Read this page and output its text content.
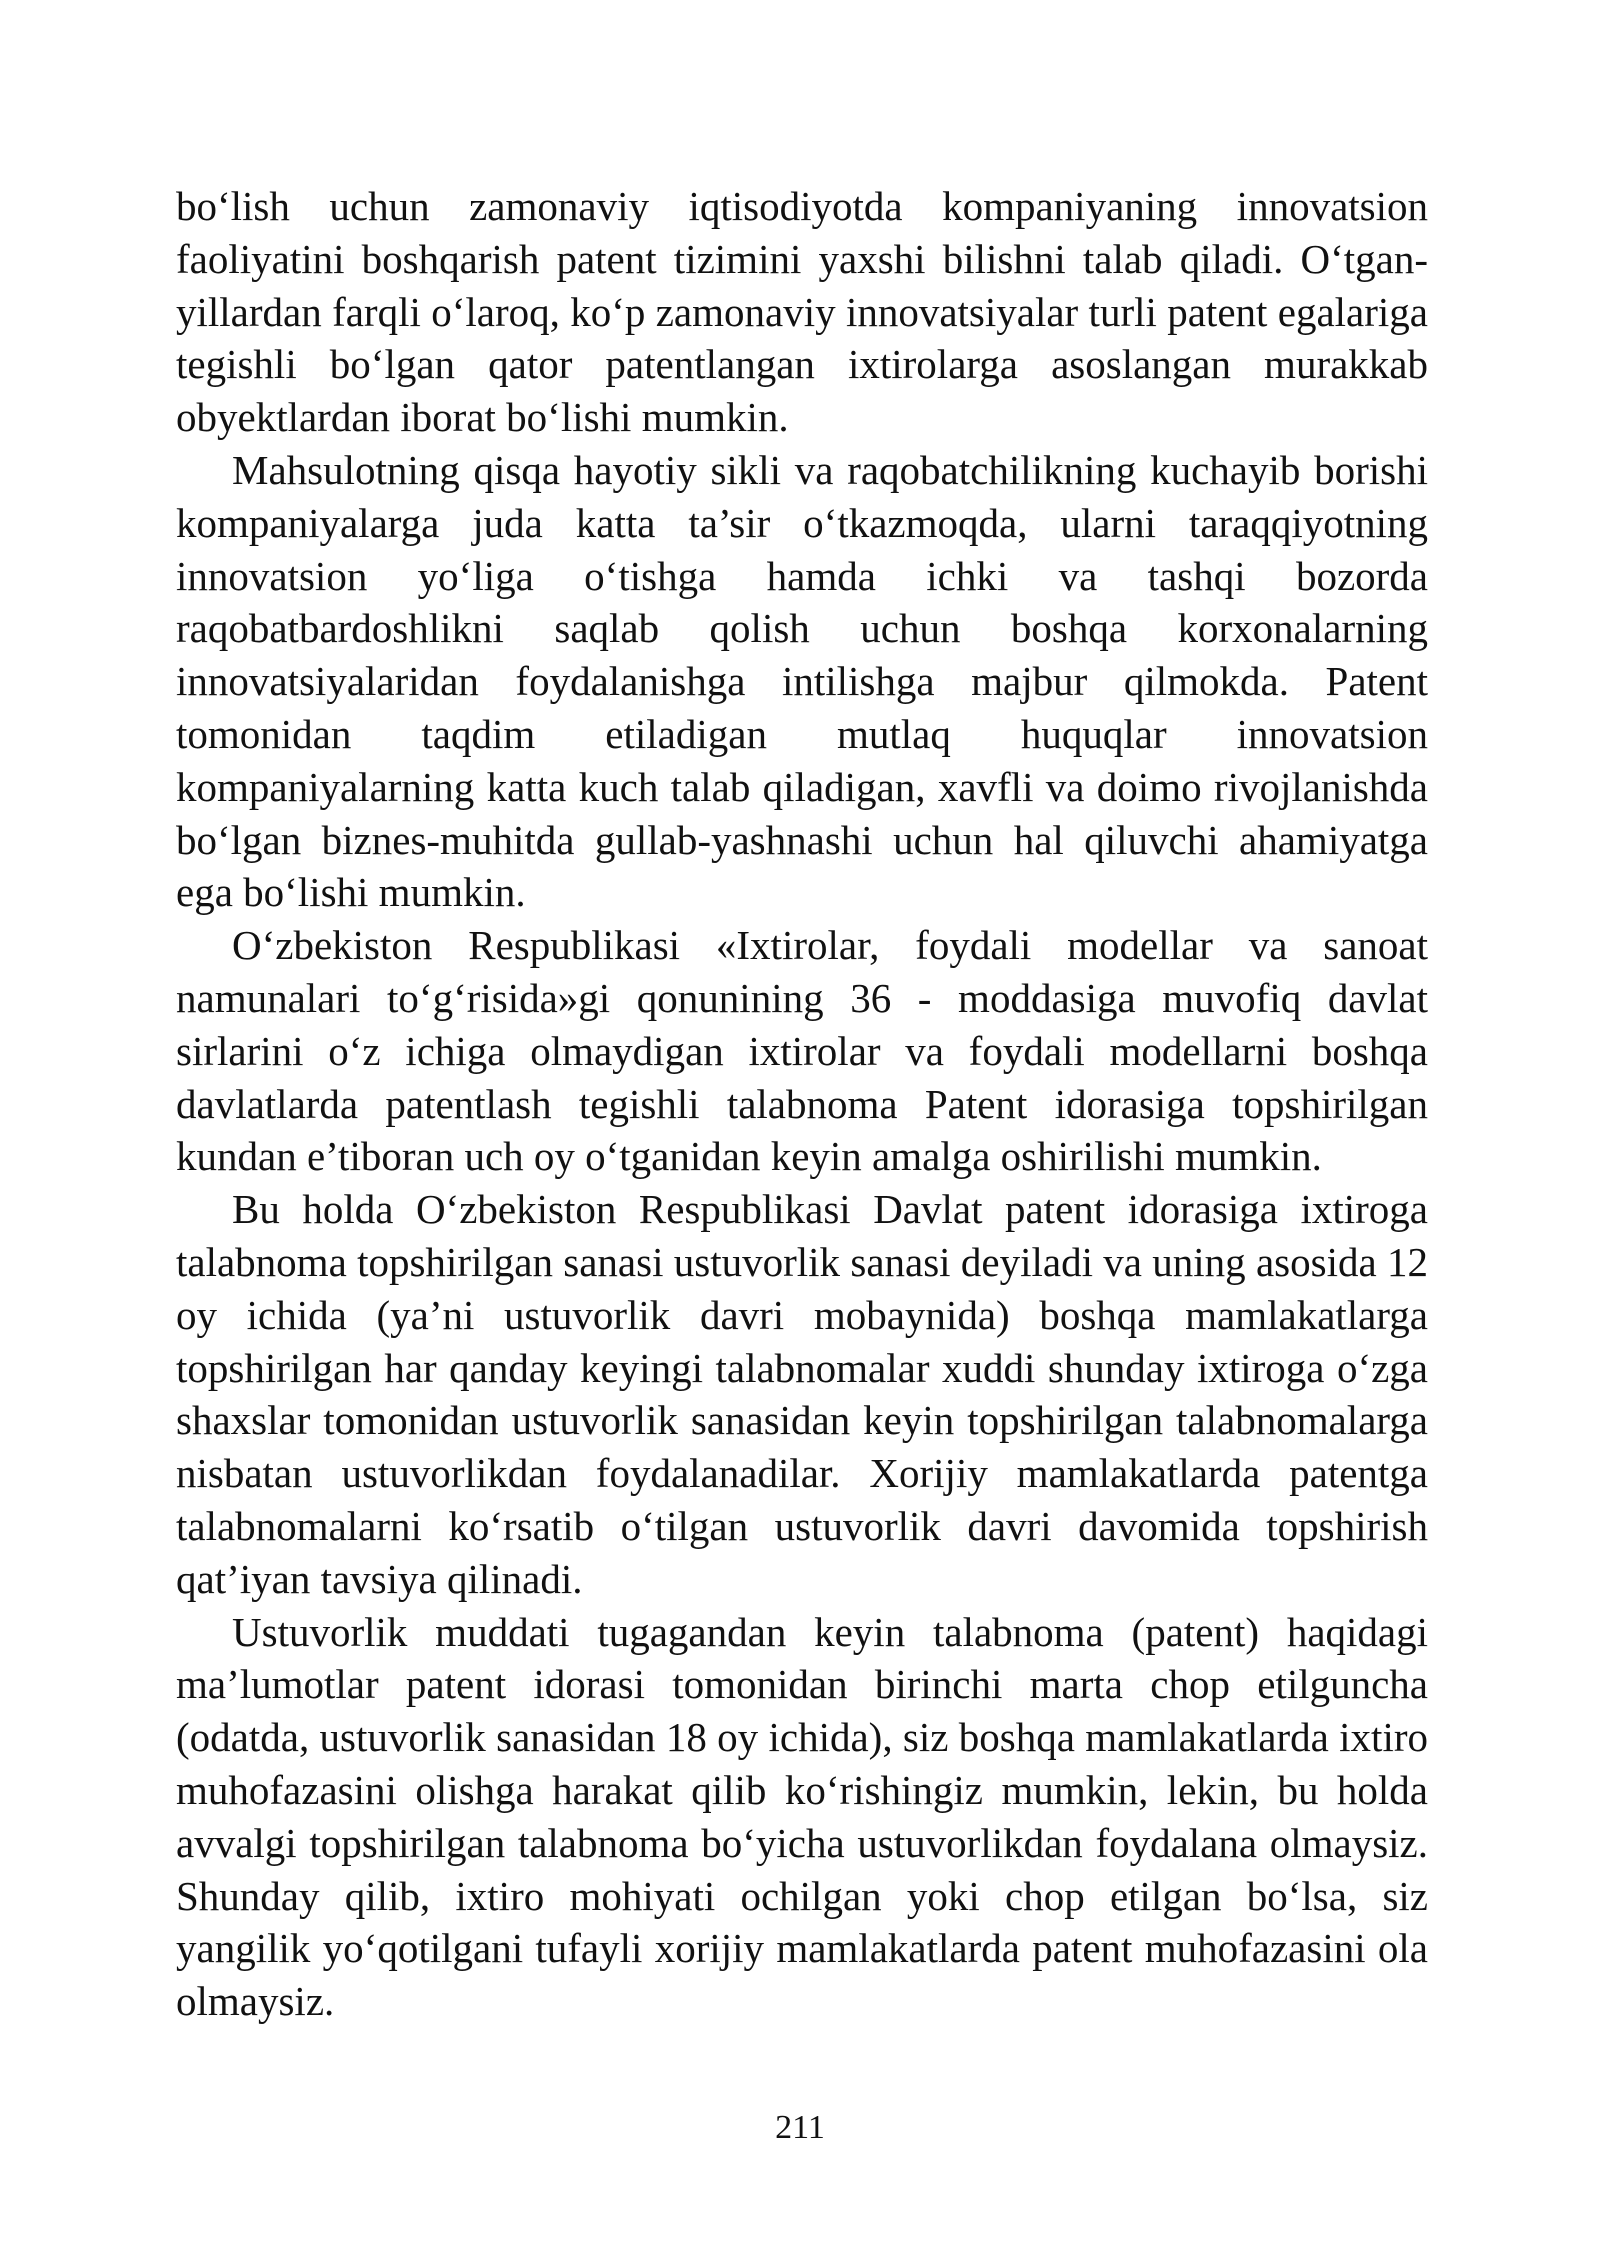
bo‘lish uchun zamonaviy iqtisodiyotda kompaniyaning innovatsion faoliyatini boshqarish patent tizimini yaxshi bilishni talab qiladi. O‘tgan-yillardan farqli o‘laroq, ko‘p zamonaviy innovatsiyalar turli patent egalariga tegishli bo‘lgan qator patentlangan ixtirolarga asoslangan murakkab obyektlardan iborat bo‘lishi mumkin.

Mahsulotning qisqa hayotiy sikli va raqobatchilikning kuchayib borishi kompaniyalarga juda katta ta’sir o‘tkazmoqda, ularni taraqqiyotning innovatsion yo‘liga o‘tishga hamda ichki va tashqi bozorda raqobatbardoshlikni saqlab qolish uchun boshqa korxonalarning innovatsiyalaridan foydalanishga intilishga majbur qilmokda. Patent tomonidan taqdim etiladigan mutlaq huquqlar innovatsion kompaniyalarning katta kuch talab qiladigan, xavfli va doimo rivojlanishda bo‘lgan biznes-muhitda gullab-yashnashi uchun hal qiluvchi ahamiyatga ega bo‘lishi mumkin.

O‘zbekiston Respublikasi «Ixtirolar, foydali modellar va sanoat namunalari to‘g‘risida»gi qonunining 36 - moddasiga muvofiq davlat sirlarini o‘z ichiga olmaydigan ixtirolar va foydali modellarni boshqa davlatlarda patentlash tegishli talabnoma Patent idorasiga topshirilgan kundan e’tiboran uch oy o‘tganidan keyin amalga oshirilishi mumkin.

Bu holda O‘zbekiston Respublikasi Davlat patent idorasiga ixtiroga talabnoma topshirilgan sanasi ustuvorlik sanasi deyiladi va uning asosida 12 oy ichida (ya’ni ustuvorlik davri mobaynida) boshqa mamlakatlarga topshirilgan har qanday keyingi talabnomalar xuddi shunday ixtiroga o‘zga shaxslar tomonidan ustuvorlik sanasidan keyin topshirilgan talabnomalarga nisbatan ustuvorlikdan foydalanadilar. Xorijiy mamlakatlarda patentga talabnomalarni ko‘rsatib o‘tilgan ustuvorlik davri davomida topshirish qat’iyan tavsiya qilinadi.

Ustuvorlik muddati tugagandan keyin talabnoma (patent) haqidagi ma’lumotlar patent idorasi tomonidan birinchi marta chop etilguncha (odatda, ustuvorlik sanasidan 18 oy ichida), siz boshqa mamlakatlarda ixtiro muhofazasini olishga harakat qilib ko‘rishingiz mumkin, lekin, bu holda avvalgi topshirilgan talabnoma bo‘yicha ustuvorlikdan foydalana olmaysiz. Shunday qilib, ixtiro mohiyati ochilgan yoki chop etilgan bo‘lsa, siz yangilik yo‘qotilgani tufayli xorijiy mamlakatlarda patent muhofazasini ola olmaysiz.

211
